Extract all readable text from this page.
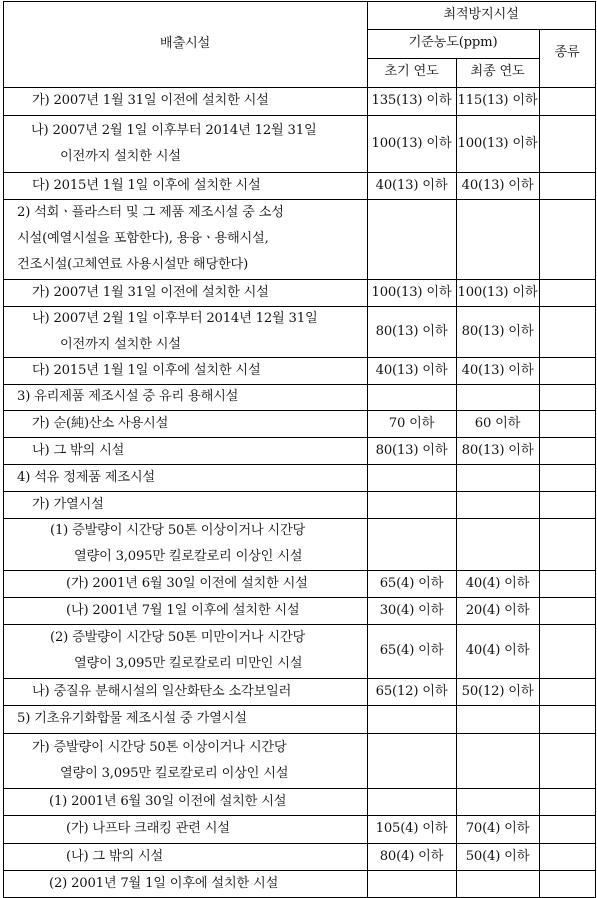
배출시설
최적방지시설
기준농도(ppm)
초기 연도 최종 연도
종류
가) 2007년 1월 31일 이전에 설치한 시설	135(13) 이하 115(13) 이하
나) 2007년 2월 1일 이후부터 2014년 12월 31일
이전까지 설치한 시설
100(13) 이하 100(13) 이하
다) 2015년 1월 1일 이후에 설치한 시설	40(13) 이하 40(13) 이하
2) 석회ㆍ플라스터 및 그 제품 제조시설 중 소성
시설(예열시설을 포함한다), 용융ㆍ용해시설,
건조시설(고체연료 사용시설만 해당한다)
가) 2007년 1월 31일 이전에 설치한 시설	100(13) 이하 100(13) 이하
나) 2007년 2월 1일 이후부터 2014년 12월 31일
이전까지 설치한 시설
80(13) 이하 80(13) 이하
다) 2015년 1월 1일 이후에 설치한 시설	40(13) 이하 40(13) 이하
3) 유리제품 제조시설 중 유리 용해시설
가) 순(純)산소 사용시설	70 이하	60 이하
나) 그 밖의 시설	80(13) 이하 80(13) 이하
4) 석유 정제품 제조시설
가) 가열시설
(1) 증발량이 시간당 50톤 이상이거나 시간당
열량이 3,095만 킬로칼로리 이상인 시설
(가) 2001년 6월 30일 이전에 설치한 시설	65(4) 이하 40(4) 이하
(나) 2001년 7월 1일 이후에 설치한 시설	30(4) 이하 20(4) 이하
(2) 증발량이 시간당 50톤 미만이거나 시간당
열량이 3,095만 킬로칼로리 미만인 시설
65(4) 이하 40(4) 이하
나) 중질유 분해시설의 일산화탄소 소각보일러	65(12) 이하 50(12) 이하
5) 기초유기화합물 제조시설 중 가열시설
가) 증발량이 시간당 50톤 이상이거나 시간당
열량이 3,095만 킬로칼로리 이상인 시설
(1) 2001년 6월 30일 이전에 설치한 시설
(가) 나프타 크래킹 관련 시설	105(4) 이하 70(4) 이하
(나) 그 밖의 시설	80(4) 이하 50(4) 이하
(2) 2001년 7월 1일 이후에 설치한 시설
